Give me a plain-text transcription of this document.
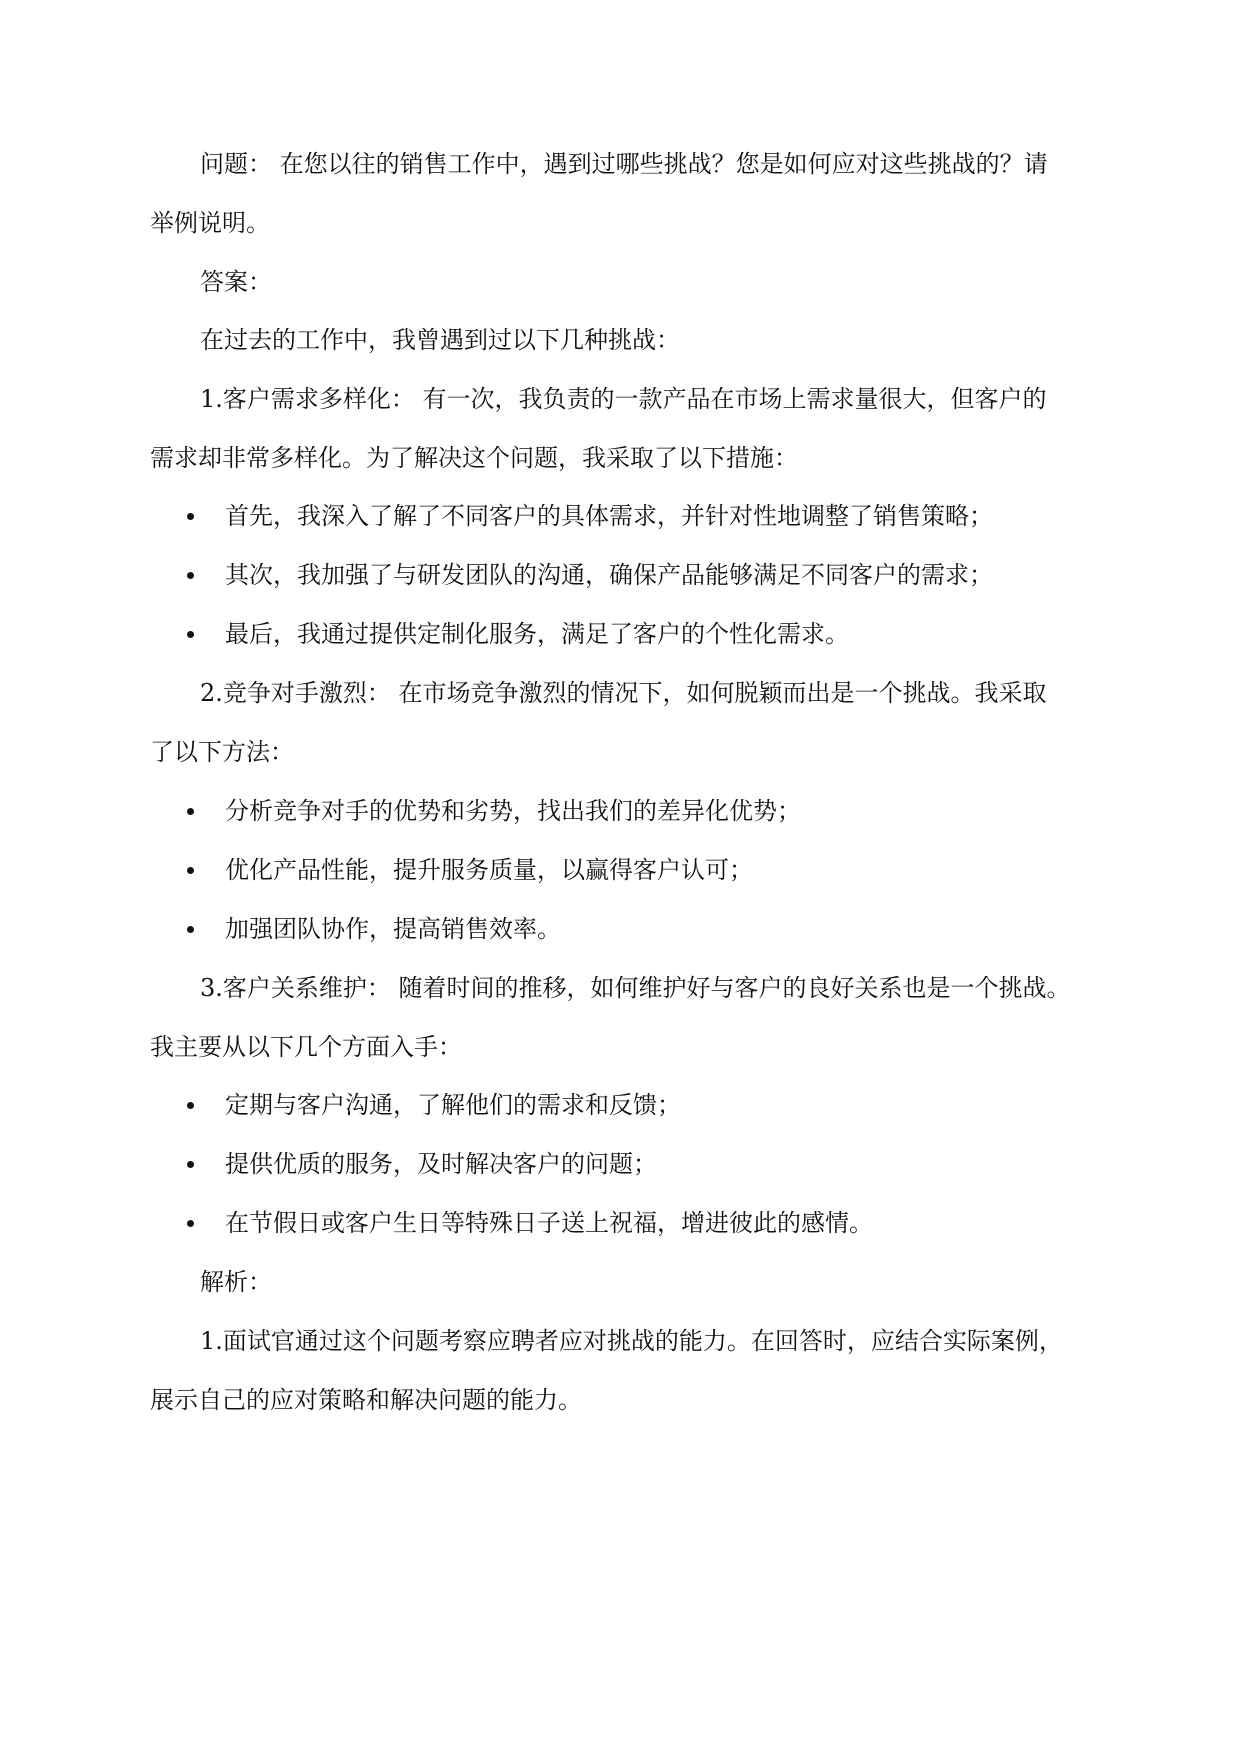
问题： 在您以往的销售工作中，遇到过哪些挑战？您是如何应对这些挑战的？请
举例说明。
答案：
在过去的工作中，我曾遇到过以下几种挑战：
1.客户需求多样化： 有一次，我负责的一款产品在市场上需求量很大，但客户的
需求却非常多样化。为了解决这个问题，我采取了以下措施：
首先，我深入了解了不同客户的具体需求，并针对性地调整了销售策略；
其次，我加强了与研发团队的沟通，确保产品能够满足不同客户的需求；
最后，我通过提供定制化服务，满足了客户的个性化需求。
2.竞争对手激烈： 在市场竞争激烈的情况下，如何脱颖而出是一个挑战。我采取
了以下方法：
分析竞争对手的优势和劣势，找出我们的差异化优势；
优化产品性能，提升服务质量，以赢得客户认可；
加强团队协作，提高销售效率。
3.客户关系维护： 随着时间的推移，如何维护好与客户的良好关系也是一个挑战。
我主要从以下几个方面入手：
定期与客户沟通，了解他们的需求和反馈；
提供优质的服务，及时解决客户的问题；
在节假日或客户生日等特殊日子送上祝福，增进彼此的感情。
解析：
1.面试官通过这个问题考察应聘者应对挑战的能力。在回答时，应结合实际案例，
展示自己的应对策略和解决问题的能力。
